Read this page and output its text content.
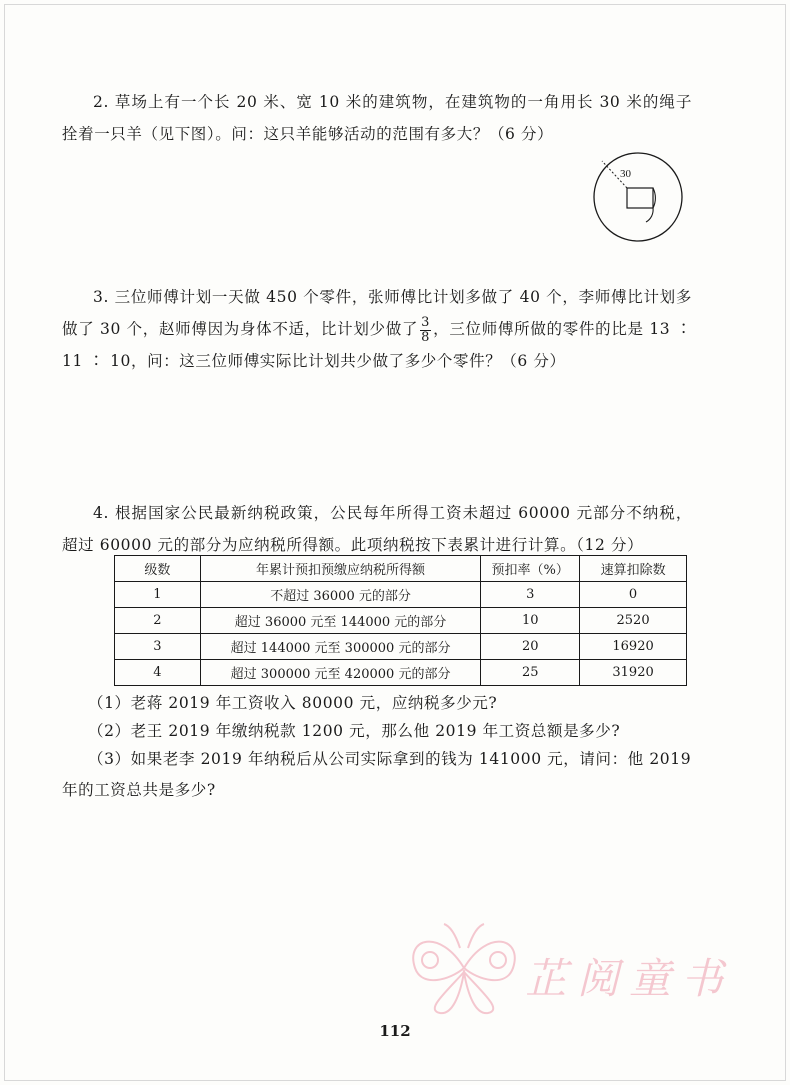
2. 草场上有一个长 20 米、宽 10 米的建筑物，在建筑物的一角用长 30 米的绳子拴着一只羊（见下图）。问：这只羊能够活动的范围有多大？（6 分）

30

3. 三位师傅计划一天做 450 个零件，张师傅比计划多做了 40 个，李师傅比计划多做了 30 个，赵师傅因为身体不适，比计划少做了 $\frac{3}{8}$ ，三位师傅所做的零件的比是 13 ∶ 11 ∶ 10，问：这三位师傅实际比计划共少做了多少个零件？（6 分）

4. 根据国家公民最新纳税政策，公民每年所得工资未超过 60000 元部分不纳税，超过 60000 元的部分为应纳税所得额。此项纳税按下表累计进行计算。（12 分）

级数	年累计预扣预缴应纳税所得额	预扣率（%）	速算扣除数
1	不超过 36000 元的部分	3	0
2	超过 36000 元至 144000 元的部分	10	2520
3	超过 144000 元至 300000 元的部分	20	16920
4	超过 300000 元至 420000 元的部分	25	31920

（1）老蒋 2019 年工资收入 80000 元，应纳税多少元?

（2）老王 2019 年缴纳税款 1200 元，那么他 2019 年工资总额是多少?

（3）如果老李 2019 年纳税后从公司实际拿到的钱为 141000 元，请问：他 2019 年的工资总共是多少?

112
芷阅童书
